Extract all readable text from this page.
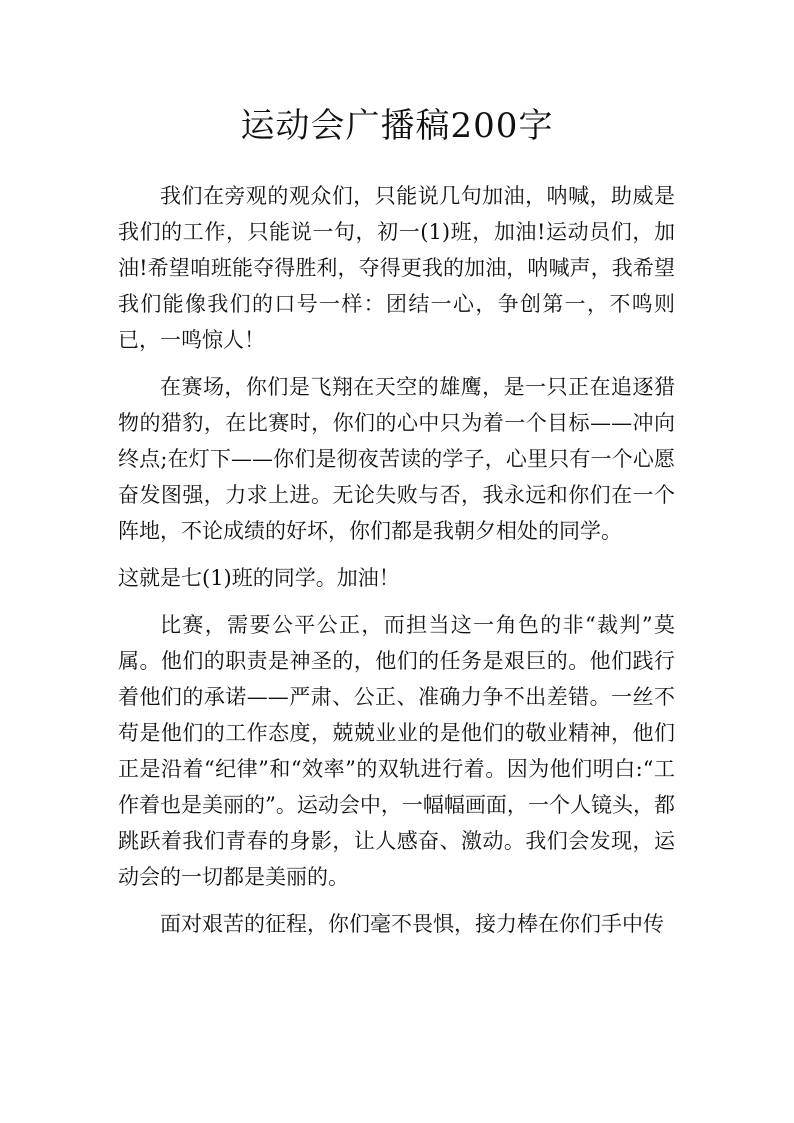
运动会广播稿200字

我们在旁观的观众们，只能说几句加油，呐喊，助威是我们的工作，只能说一句，初一(1)班，加油!运动员们，加油!希望咱班能夺得胜利，夺得更我的加油，呐喊声，我希望我们能像我们的口号一样：团结一心，争创第一，不鸣则已，一鸣惊人！

在赛场，你们是飞翔在天空的雄鹰，是一只正在追逐猎物的猎豹，在比赛时，你们的心中只为着一个目标——冲向终点;在灯下——你们是彻夜苦读的学子，心里只有一个心愿奋发图强，力求上进。无论失败与否，我永远和你们在一个阵地，不论成绩的好坏，你们都是我朝夕相处的同学。

这就是七(1)班的同学。加油！

比赛，需要公平公正，而担当这一角色的非“裁判”莫属。他们的职责是神圣的，他们的任务是艰巨的。他们践行着他们的承诺——严肃、公正、准确力争不出差错。一丝不苟是他们的工作态度，兢兢业业的是他们的敬业精神，他们正是沿着“纪律”和“效率”的双轨进行着。因为他们明白:“工作着也是美丽的”。运动会中，一幅幅画面，一个人镜头，都跳跃着我们青春的身影，让人感奋、激动。我们会发现，运动会的一切都是美丽的。

面对艰苦的征程，你们毫不畏惧，接力棒在你们手中传
